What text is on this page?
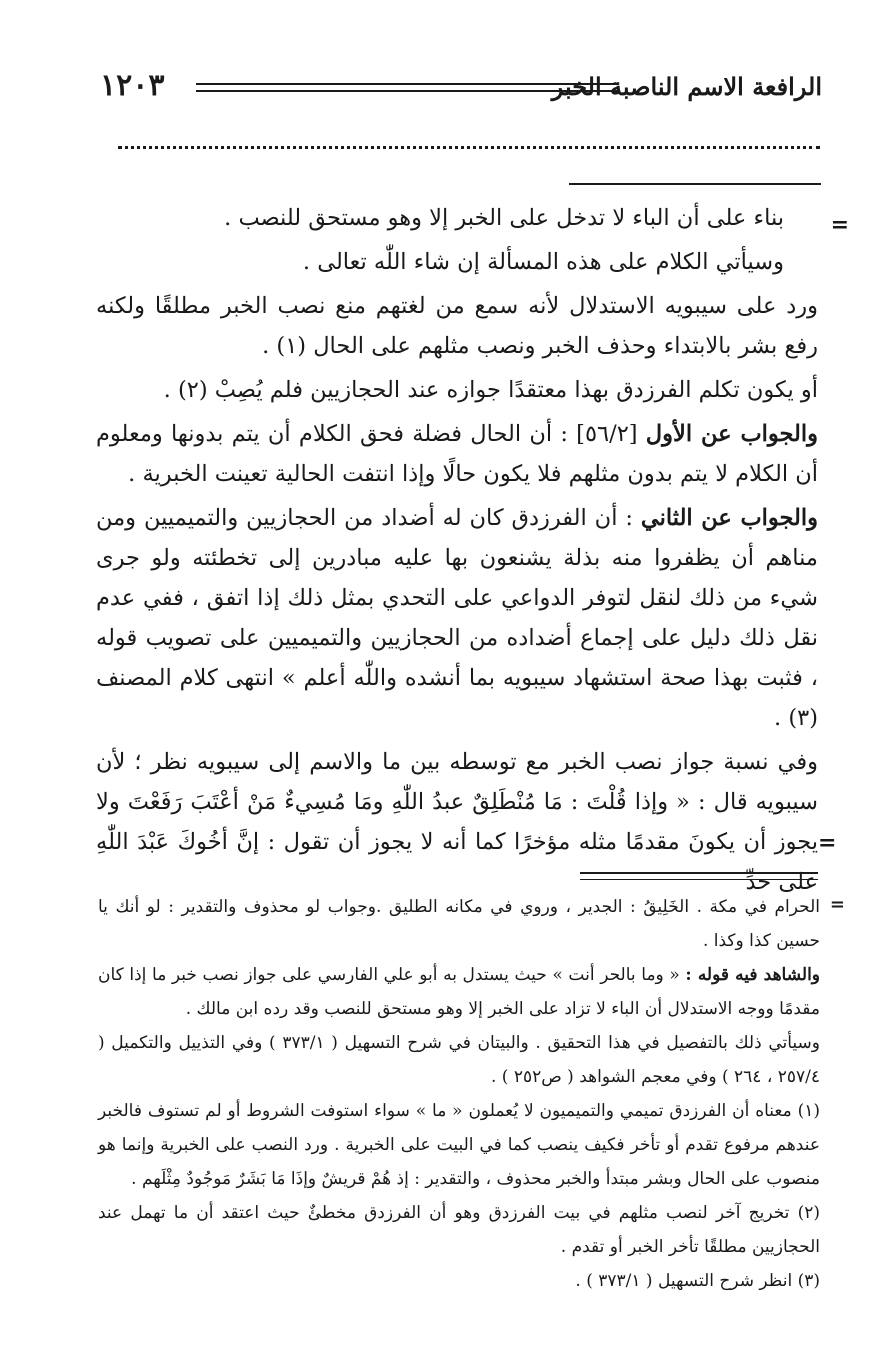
الرافعة الاسم الناصبة الخبر
١٢٠٣
=
=

بناء على أن الباء لا تدخل على الخبر إلا وهو مستحق للنصب .

وسيأتي الكلام على هذه المسألة إن شاء اللّٰه تعالى .

ورد على سيبويه الاستدلال لأنه سمع من لغتهم منع نصب الخبر مطلقًا ولكنه رفع بشر بالابتداء وحذف الخبر ونصب مثلهم على الحال (١) .

أو يكون تكلم الفرزدق بهذا معتقدًا جوازه عند الحجازيين فلم يُصِبْ (٢) .

والجواب عن الأول [٥٦/٢] : أن الحال فضلة فحق الكلام أن يتم بدونها ومعلوم أن الكلام لا يتم بدون مثلهم فلا يكون حالًا وإذا انتفت الحالية تعينت الخبرية .

والجواب عن الثاني : أن الفرزدق كان له أضداد من الحجازيين والتميميين ومن مناهم أن يظفروا منه بذلة يشنعون بها عليه مبادرين إلى تخطئته ولو جرى شيء من ذلك لنقل لتوفر الدواعي على التحدي بمثل ذلك إذا اتفق ، ففي عدم نقل ذلك دليل على إجماع أضداده من الحجازيين والتميميين على تصويب قوله ، فثبت بهذا صحة استشهاد سيبويه بما أنشده واللّٰه أعلم » انتهى كلام المصنف (٣) .

وفي نسبة جواز نصب الخبر مع توسطه بين ما والاسم إلى سيبويه نظر ؛ لأن سيبويه قال : « وإذا قُلْتَ : مَا مُنْطَلِقٌ عبدُ اللّٰهِ ومَا مُسِيءٌ مَنْ أعْتَبَ رَفَعْتَ ولا يجوز أن يكونَ مقدمًا مثله مؤخرًا كما أنه لا يجوز أن تقول : إنَّ أخُوكَ عَبْدَ اللّٰهِ على حدِّ

=

الحرام في مكة . الخَلِيقُ : الجدير ، وروي في مكانه الطليق .وجواب لو محذوف والتقدير : لو أنك يا حسين كذا وكذا .

والشاهد فيه قوله : « وما بالحر أنت » حيث يستدل به أبو علي الفارسي على جواز نصب خبر ما إذا كان مقدمًا ووجه الاستدلال أن الباء لا تزاد على الخبر إلا وهو مستحق للنصب وقد رده ابن مالك .

وسيأتي ذلك بالتفصيل في هذا التحقيق . والبيتان في شرح التسهيل ( ٣٧٣/١ ) وفي التذييل والتكميل ( ٢٥٧/٤ ، ٢٦٤ ) وفي معجم الشواهد ( ص٢٥٢ ) .

(١) معناه أن الفرزدق تميمي والتميميون لا يُعملون « ما » سواء استوفت الشروط أو لم تستوف فالخبر عندهم مرفوع تقدم أو تأخر فكيف ينصب كما في البيت على الخبرية . ورد النصب على الخبرية وإنما هو منصوب على الحال وبشر مبتدأ والخبر محذوف ، والتقدير : إذ هُمْ قريشٌ وإذَا مَا بَشَرٌ مَوجُودٌ مِثْلَهم .

(٢) تخريج آخر لنصب مثلهم في بيت الفرزدق وهو أن الفرزدق مخطئٌ حيث اعتقد أن ما تهمل عند الحجازيين مطلقًا تأخر الخبر أو تقدم .

(٣) انظر شرح التسهيل ( ٣٧٣/١ ) .
